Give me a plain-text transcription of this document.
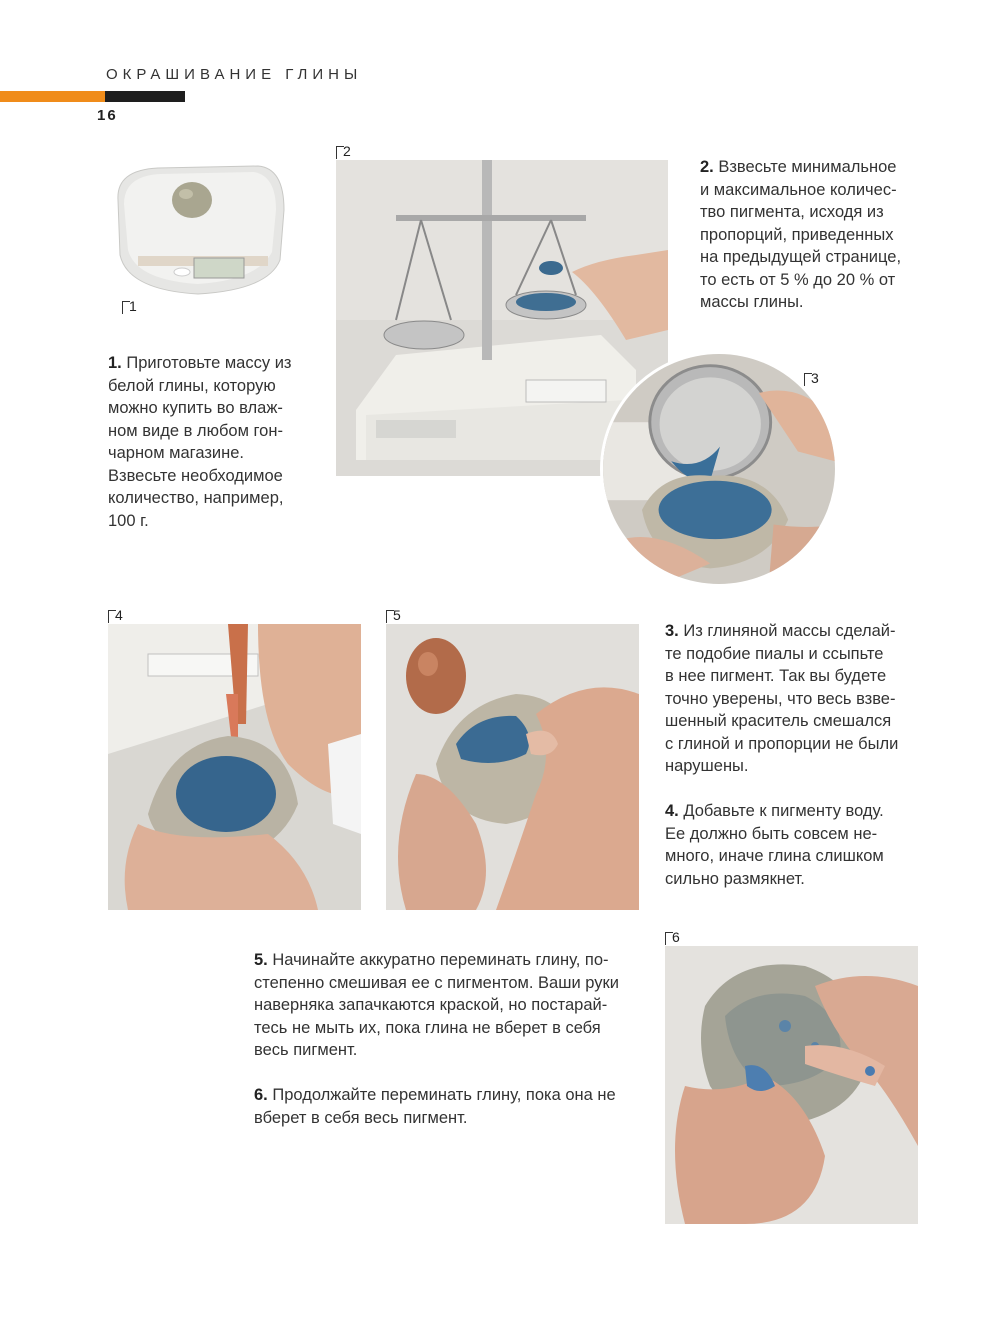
ОКРАШИВАНИЕ ГЛИНЫ
16
1
1. Приготовьте массу из
белой глины, которую
можно купить во влаж-
ном виде в любом гон-
чарном магазине.
Взвесьте необходимое
количество, например,
100 г.
2
2. Взвесьте минимальное
и максимальное количес-
тво пигмента, исходя из
пропорций, приведенных
на предыдущей странице,
то есть от 5 % до 20 % от
массы глины.
3
4	5
3. Из глиняной массы сделай-
те подобие пиалы и ссыпьте
в нее пигмент. Так вы будете
точно уверены, что весь взве-
шенный краситель смешался
с глиной и пропорции не были
нарушены.
4. Добавьте к пигменту воду.
Ее должно быть совсем не-
много, иначе глина слишком
сильно размякнет.
5. Начинайте аккуратно переминать глину, по-
степенно смешивая ее с пигментом. Ваши руки
наверняка запачкаются краской, но постарай-
тесь не мыть их, пока глина не вберет в себя
весь пигмент.
6. Продолжайте переминать глину, пока она не
вберет в себя весь пигмент.
6
